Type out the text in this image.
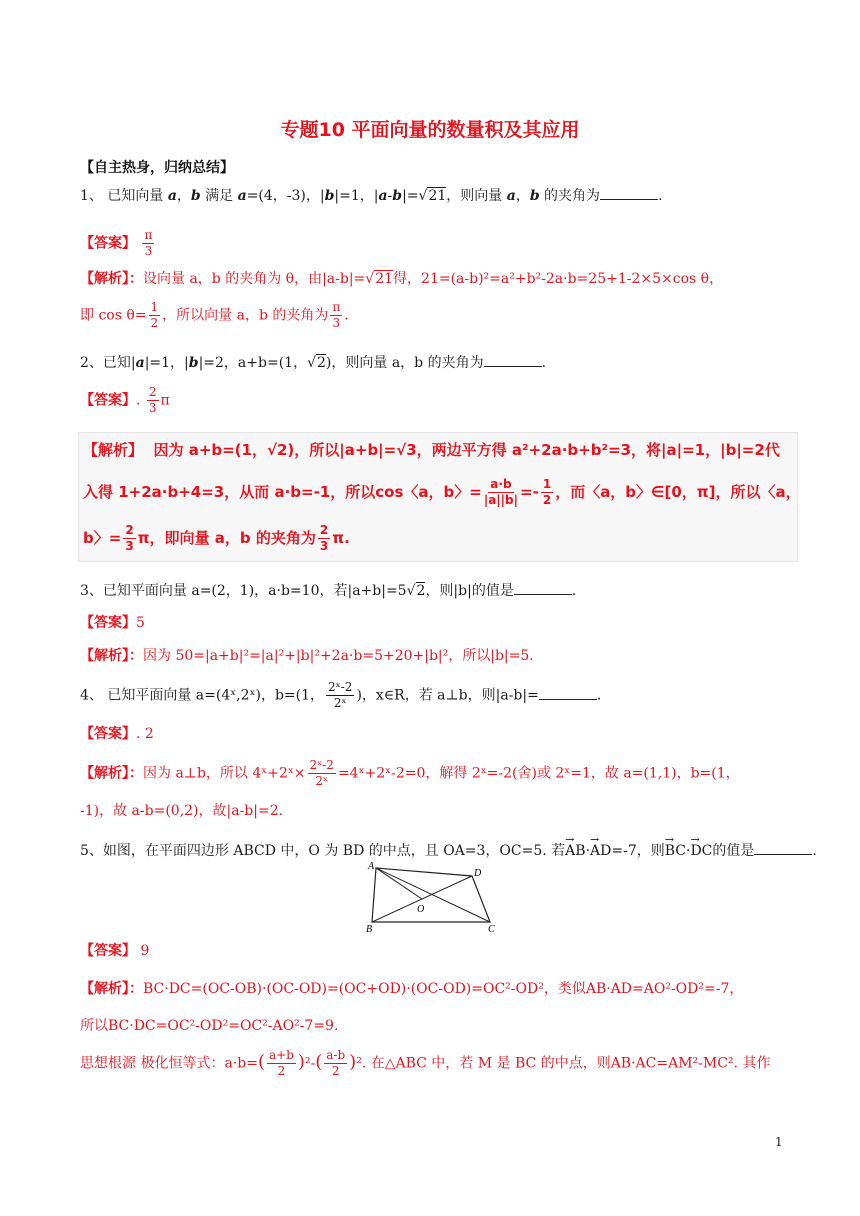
专题10 平面向量的数量积及其应用
【自主热身，归纳总结】
1、 已知向量 a，b 满足 a=(4，-3)，|b|=1，|a-b|=√21，则向量 a，b 的夹角为	.
【答案】 $\frac{\pi}{3}$
【解析】：设向量 a，b 的夹角为 θ，由|a-b|=√21得，21=(a-b)²=a²+b²-2a·b=25+1-2×5×cos θ，
即 $\cos \theta= \frac{1}{2}$ ，所以向量 a，b 的夹角为 $\frac{\pi}{3}$ .
2、已知|a|=1，|b|=2，a+b=(1，√2)，则向量 a，b 的夹角为	.
【答案】. $\frac{2}{3}$ π
【解析】 因为 a+b=(1，√2)，所以|a+b|=√3，两边平方得 a²+2a·b+b²=3，将|a|=1，|b|=2代
入得 1+2a·b+4=3，从而 a·b=-1，所以cos〈a，b〉= $\frac{a\cdot b}{|a||b|} =- \frac{1}{2}$ ，而〈a，b〉∈[0，π]，所以〈a，
b〉= $\frac{2}{3}$ π，即向量 a，b 的夹角为 $\frac{2}{3} \pi$.
3、已知平面向量 a=(2，1)，a·b=10，若|a+b|=5√2，则|b|的值是	.
【答案】5
【解析】：因为 50=|a+b|²=|a|²+|b|²+2a·b=5+20+|b|²，所以|b|=5.
4、 已知平面向量 a=(4ˣ,2ˣ)，b=(1， $\frac{\text{2ˣ-2}}{\text{2ˣ}}$ )，x∈R，若 a⊥b，则|a-b|=	.
【答案】. 2
【解析】：因为 a⊥b，所以 4ˣ+2ˣ× $\frac{\text{2ˣ-2}}{\text{2ˣ}}$ =4ˣ+2ˣ-2=0，解得 2ˣ=-2(舍)或 2ˣ=1，故 a=(1,1)，b=(1，
-1)，故 a-b=(0,2)，故|a-b|=2.
5、如图，在平面四边形 ABCD 中，O 为 BD 的中点，且 OA=3，OC=5. 若→ AB·→ AD=-7，则→ BC·→ DC的值是	.
A
B	C
D
O
【答案】 9
【解析】：BC·DC=(OC-OB)·(OC-OD)=(OC+OD)·(OC-OD)=OC²-OD²，类似AB·AD=AO²-OD²=-7，
所以BC·DC=OC²-OD²=OC²-AO²-7=9.
思想根源 极化恒等式：$a\cdot b=( \frac{a+b}{2} )^2-( \frac{a-b}{2} )^2$. 在△ABC 中，若 M 是 BC 的中点，则AB·AC=AM²-MC². 其作
1
